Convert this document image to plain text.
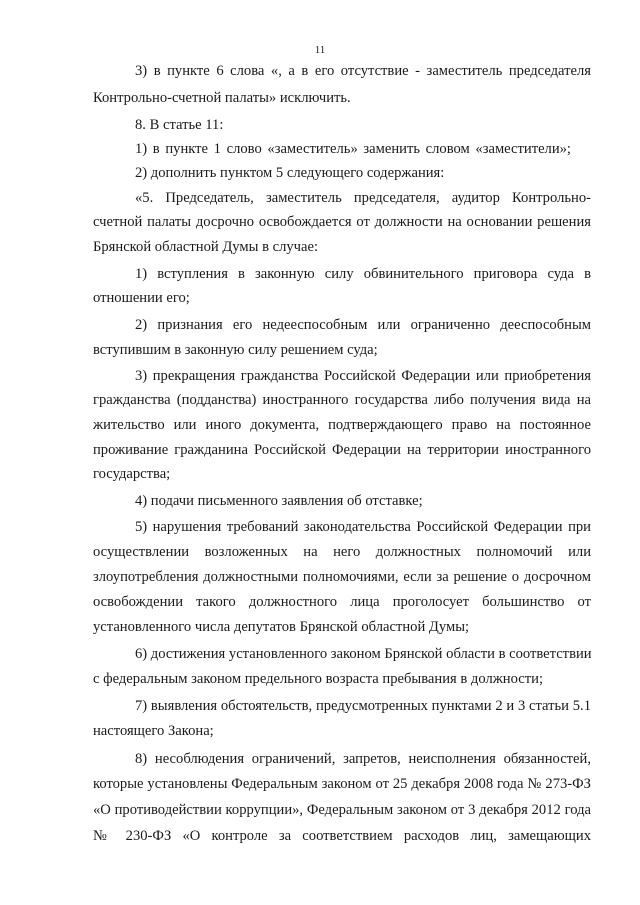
11
3) в пункте 6 слова «, а в его отсутствие - заместитель председателя
Контрольно-счетной палаты» исключить.
8. В статье 11:
1) в пункте 1 слово «заместитель» заменить словом «заместители»;
2) дополнить пунктом 5 следующего содержания:
«5. Председатель, заместитель председателя, аудитор Контрольно-
счетной палаты досрочно освобождается от должности на основании решения
Брянской областной Думы в случае:
1) вступления в законную силу обвинительного приговора суда в
отношении его;
2) признания его недееспособным или ограниченно дееспособным
вступившим в законную силу решением суда;
3) прекращения гражданства Российской Федерации или приобретения
гражданства (подданства) иностранного государства либо получения вида на
жительство или иного документа, подтверждающего право на постоянное
проживание гражданина Российской Федерации на территории иностранного
государства;
4) подачи письменного заявления об отставке;
5) нарушения требований законодательства Российской Федерации при
осуществлении возложенных на него должностных полномочий или
злоупотребления должностными полномочиями, если за решение о досрочном
освобождении такого должностного лица проголосует большинство от
установленного числа депутатов Брянской областной Думы;
6) достижения установленного законом Брянской области в соответствии
с федеральным законом предельного возраста пребывания в должности;
7) выявления обстоятельств, предусмотренных пунктами 2 и 3 статьи 5.1
настоящего Закона;
8) несоблюдения ограничений, запретов, неисполнения обязанностей,
которые установлены Федеральным законом от 25 декабря 2008 года № 273-ФЗ
«О противодействии коррупции», Федеральным законом от 3 декабря 2012 года
№ 230-ФЗ «О контроле за соответствием расходов лиц, замещающих
